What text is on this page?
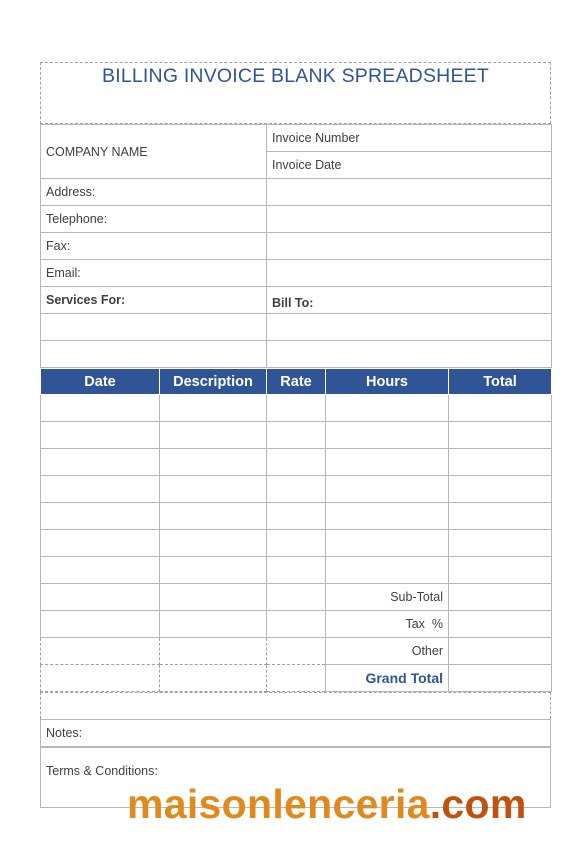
BILLING INVOICE BLANK SPREADSHEET
COMPANY NAME	Invoice Number
	Invoice Date
Address:	
Telephone:	
Fax:	
Email:	
Services For:	Bill To:

Date	Description	Rate	Hours	Total

			Sub-Total	
			Tax  %	
			Other	
			Grand Total	

Notes:
Terms & Conditions:
maisonlenceria.com
